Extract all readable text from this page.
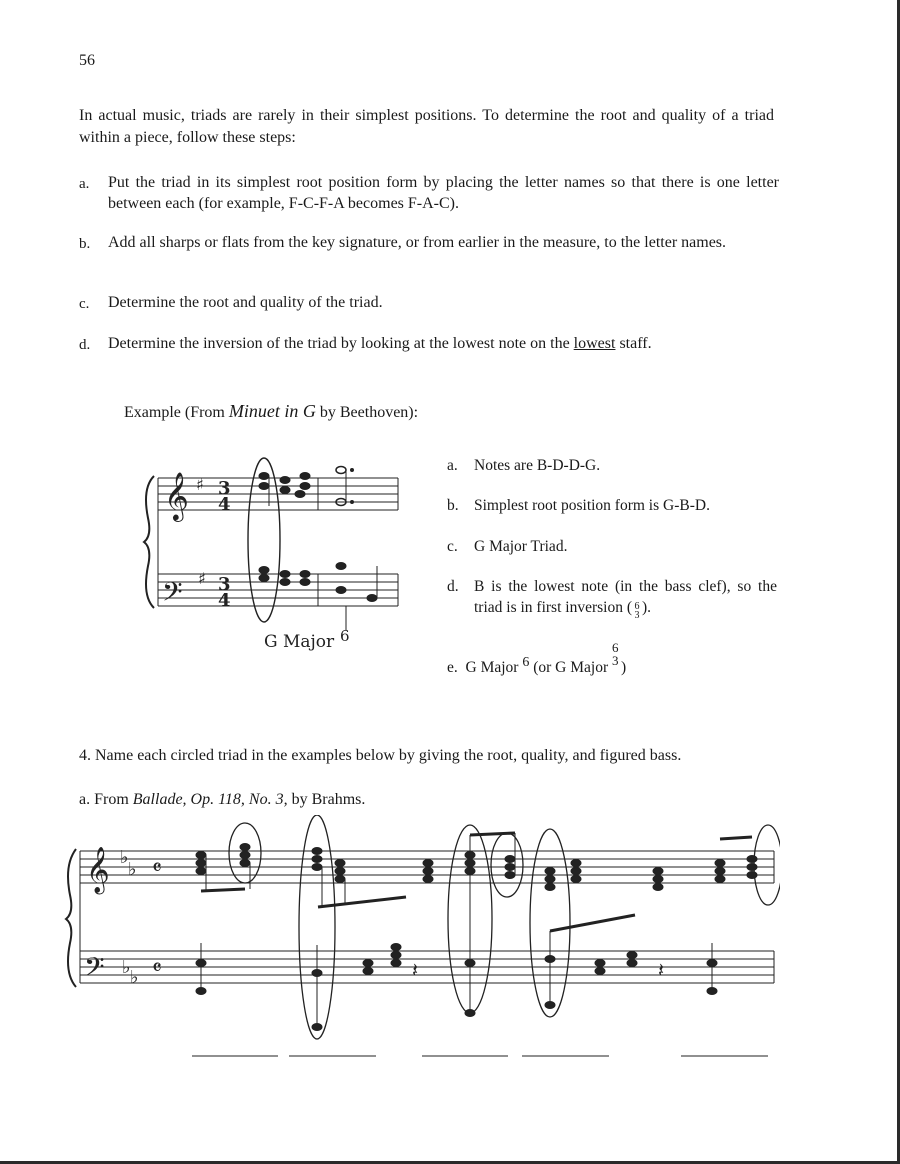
56
In actual music, triads are rarely in their simplest positions. To determine the root and quality of a triad within a piece, follow these steps:
a. Put the triad in its simplest root position form by placing the letter names so that there is one letter between each (for example, F-C-F-A becomes F-A-C).
b. Add all sharps or flats from the key signature, or from earlier in the measure, to the letter names.
c. Determine the root and quality of the triad.
d. Determine the inversion of the triad by looking at the lowest note on the lowest staff.
Example (From Minuet in G by Beethoven):
𝄞 ♯
𝄢 ♯
3
4
3
4
G Major 6
a. Notes are B-D-D-G.
b. Simplest root position form is G-B-D.
c. G Major Triad.
d. B is the lowest note (in the bass clef), so the triad is in first inversion ( 6
3 ).
e. G Major 6 (or G Major
6
3 )
4. Name each circled triad in the examples below by giving the root, quality, and figured bass.
a. From Ballade, Op. 118, No. 3, by Brahms.
𝄞 ♭
♭ 𝄴
𝄢 ♭ ♭ 𝄴	𝄽	𝄽
